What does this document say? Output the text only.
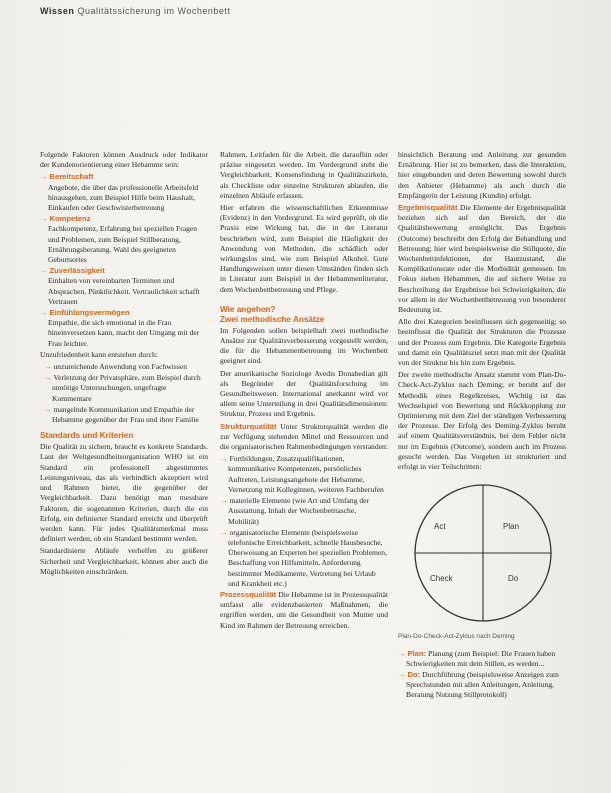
Wissen Qualitätssicherung im Wochenbett

Folgende Faktoren können Ausdruck oder Indikator der Kundenorientierung einer Hebamme sein:

→ Bereitschaft
Angebote, die über das professionelle Arbeitsfeld hinausgehen, zum Beispiel Hilfe beim Haushalt, Einkaufen oder Geschwisterbetreuung
→ Kompetenz
Fachkompetenz, Erfahrung bei speziellen Fragen und Problemen, zum Beispiel Stillberatung, Ernährungsberatung. Wahl des geeigneten Geburtsortes
→ Zuverlässigkeit
Einhalten von vereinbarten Terminen und Absprachen, Pünktlichkeit. Vertraulichkeit schafft Vertrauen
→ Einfühlungsvermögen
Empathie, die sich emotional in die Frau hineinversetzen kann, macht den Umgang mit der Frau leichter.

Unzufriedenheit kann entstehen durch:

→ unzureichende Anwendung von Fachwissen
→ Verletzung der Privatsphäre, zum Beispiel durch unnötige Untersuchungen, ungefragte Kommentare
→ mangelnde Kommunikation und Empathie der Hebamme gegenüber der Frau und ihrer Familie
Standards und Kriterien

Die Qualität zu sichern, braucht es konkrete Standards. Laut der Weltgesundheitsorganisation WHO ist ein Standard ein professionell abgestimmtes Leistungsniveau, das als verbindlich akzeptiert wird und Rahmen bietet, die gegenüber der Vergleichbarkeit. Dazu benötigt man messbare Faktoren, die sogenannten Kriterien, durch die ein Erfolg, ein definierter Standard erreicht und überprüft werden kann. Für jedes Qualitätsmerkmal muss definiert werden, ob ein Standard bestimmt werden.

Standardisierte Abläufe verhelfen zu größerer Sicherheit und Vergleichbarkeit, können aber auch die Möglichkeiten einschränken.

Rahmen, Leitfaden für die Arbeit, die daraufhin oder präzise eingesetzt werden. Im Vordergrund steht die Vergleichbarkeit, Konsensfindung in Qualitätszirkeln, als Checkliste oder einzelne Strukturen ablaufen, die einzelnen Abläufe erfassen.

Hier erfahren die wissenschaftlichen Erkenntnisse (Evidenz) in den Vordergrund. Es wird geprüft, ob die Praxis eine Wirkung hat, die in der Literatur beschrieben wird, zum Beispiel die Häufigkeit der Anwendung von Methoden, die schädlich oder wirkungslos sind, wie zum Beispiel Alkohol. Gute Handlungsweisen unter diesen Umständen finden sich in Literatur zum Beispiel in der Hebammenliteratur, dem Wochenbettbetreuung und Pflege.

Wie angehen?
Zwei methodische Ansätze

Im Folgenden sollen beispielhaft zwei methodische Ansätze zur Qualitätsverbesserung vorgestellt werden, die für die Hebammenbetreuung im Wochenbett geeignet sind.

Der amerikanische Soziologe Avedis Donabedian gilt als Begründer der Qualitätsforschung im Gesundheitswesen. International anerkannt wird vor allem seine Unterteilung in drei Qualitätsdimensionen: Struktur, Prozess und Ergebnis.

Strukturqualität Unter Strukturqualität werden die zur Verfügung stehenden Mittel und Ressourcen und die organisatorischen Rahmenbedingungen verstanden:

→ Fortbildungen, Zusatzqualifikationen, kommunikative Kompetenzen, persönliches Auftreten, Leistungsangebote der Hebamme, Vernetzung mit Kolleginnen, weiteren Fachberufen
→ materielle Elemente (wie Art und Umfang der Ausstattung, Inhalt der Wochenbetttasche, Mobilität)
→ organisatorische Elemente (beispielsweise telefonische Erreichbarkeit, schnelle Hausbesuche, Überweisung an Experten bei speziellen Problemen, Beschaffung von Hilfsmitteln, Anforderung bestimmter Medikamente, Vertretung bei Urlaub und Krankheit etc.)

Prozessqualität Die Hebamme ist in Prozessqualität umfasst alle evidenzbasierten Maßnahmen, die ergriffen werden, um die Gesundheit von Mutter und Kind im Rahmen der Betreuung erreichen.

hinsichtlich Beratung und Anleitung zur gesunden Ernährung. Hier ist zu bemerken, dass die Interaktion, hier eingebunden und deren Bewertung sowohl durch den Anbieter (Hebamme) als auch durch die Empfängerin der Leistung (Kundin) erfolgt.

Ergebnisqualität Die Elemente der Ergebnisqualität beziehen sich auf den Bereich, der die Qualitätsbewertung ermöglicht. Das Ergebnis (Outcome) beschreibt den Erfolg der Behandlung und Betreuung; hier wird beispielsweise die Stillquote, die Wochenbettinfektionen, der Hautzustand, die Komplikationsrate oder die Morbidität gemessen. Im Fokus stehen Hebammen, die auf sichere Weise zu Beschreibung der Ergebnisse bei Schwierigkeiten, die vor allem in der Wochenbettbetreuung von besonderer Bedeutung ist.

Alle drei Kategorien beeinflussen sich gegenseitig; so beeinflusst die Qualität der Strukturen die Prozesse und der Prozess zum Ergebnis. Die Kategorie Ergebnis und damit ein Qualitätsziel setzt man mit der Qualität von der Struktur bis hin zum Ergebnis.

Der zweite methodische Ansatz stammt vom Plan-Do-Check-Act-Zyklus nach Deming; er beruht auf der Methodik eines Regelkreises, Wichtig ist das Wechselspiel von Bewertung und Rückkopplung zur Optimierung mit dem Ziel der ständigen Verbesserung der Prozesse. Der Erfolg des Deming-Zyklus beruht auf einem Qualitätsverständnis, bei dem Fehler nicht nur im Ergebnis (Outcome), sondern auch im Prozess gesucht werden. Das Vorgehen ist strukturiert und erfolgt in vier Teilschritten:

Act	Plan
Check	Do
Plan-Do-Check-Act-Zyklus nach Deming
→ Plan: Planung (zum Beispiel: Die Frauen haben Schwierigkeiten mit dem Stillen, es werden...
→ Do: Durchführung (beispielsweise Anzeigen zum Sprechstunden mit allen Anleitungen, Anleitung, Beratung Nutzung Stillprotokoll)
